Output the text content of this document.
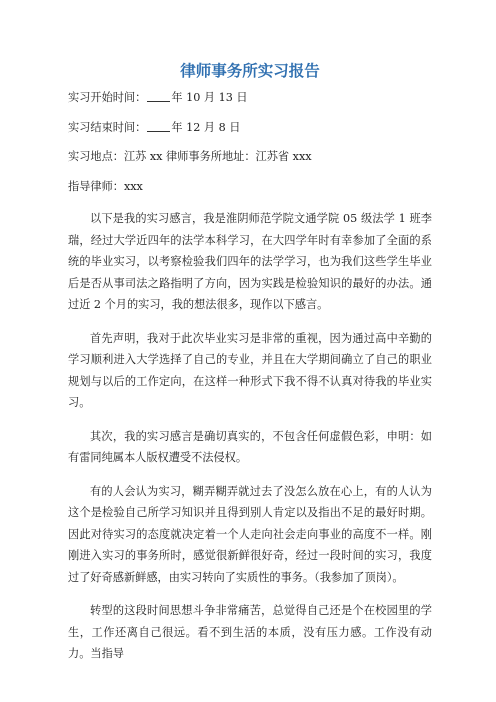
律师事务所实习报告
实习开始时间： 年 10 月 13 日
实习结束时间： 年 12 月 8 日
实习地点：江苏 xx 律师事务所地址：江苏省 xxx
指导律师：xxx

以下是我的实习感言，我是淮阴师范学院文通学院 05 级法学 1 班李瑞，经过大学近四年的法学本科学习，在大四学年时有幸参加了全面的系统的毕业实习，以考察检验我们四年的法学学习，也为我们这些学生毕业后是否从事司法之路指明了方向，因为实践是检验知识的最好的办法。通过近 2 个月的实习，我的想法很多，现作以下感言。

首先声明，我对于此次毕业实习是非常的重视，因为通过高中辛勤的学习顺利进入大学选择了自己的专业，并且在大学期间确立了自己的职业规划与以后的工作定向，在这样一种形式下我不得不认真对待我的毕业实习。

其次，我的实习感言是确切真实的，不包含任何虚假色彩，申明：如有雷同纯属本人版权遭受不法侵权。

有的人会认为实习，糊弄糊弄就过去了没怎么放在心上，有的人认为这个是检验自己所学习知识并且得到别人肯定以及指出不足的最好时期。因此对待实习的态度就决定着一个人走向社会走向事业的高度不一样。刚刚进入实习的事务所时，感觉很新鲜很好奇，经过一段时间的实习，我度过了好奇感新鲜感，由实习转向了实质性的事务。（我参加了顶岗）。

转型的这段时间思想斗争非常痛苦，总觉得自己还是个在校园里的学生，工作还离自己很远。看不到生活的本质，没有压力感。工作没有动力。当指导
